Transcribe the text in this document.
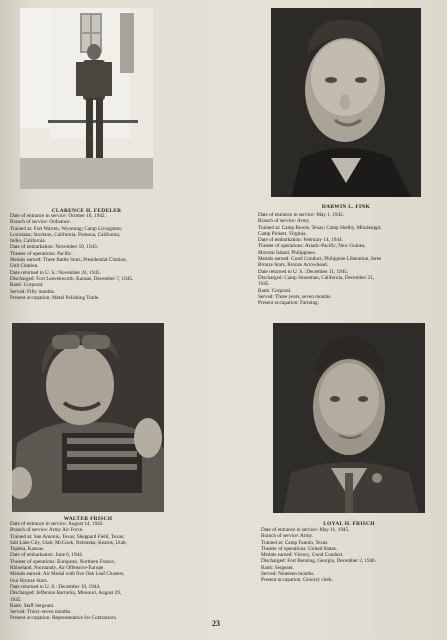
CLARENCE H. FEDELER
Date of entrance in service: October 10, 1942.
Branch of service: Ordnance.
Trained at: Fort Warren, Wyoming; Camp Livingston;
Louisiana; Stockton, California; Pomona, California;
Indio, California.
Date of embarkation: November 10, 1943.
Theater of operations: Pacific.
Medals earned: Three Battle Stars, Presidential Citation,
Unit Citation.
Date returned to U. S.: November 24, 1945.
Discharged: Fort Leavenworth, Kansas, December 7, 1945.
Rank: Corporal.
Served: Fifty months.
Present occupation: Metal Polishing Trade.
DARWIN L. FINK
Date of entrance in service: May 1, 1942.
Branch of service: Army.
Trained at: Camp Bowie, Texas; Camp Shelby, Mississippi;
Camp Pickett, Virginia.
Date of embarkation: February 14, 1944.
Theater of operations: Asiatic-Pacific, New Guinea,
Morotai Island, Philippines.
Medals earned: Good Conduct, Philippine Liberation, three
Bronze Stars, Bronze Arrowhead.
Date returned to U. S.: December 11, 1945.
Discharged: Camp Stoneman, California, December 21,
1945.
Rank: Corporal.
Served: Three years, seven months.
Present occupation: Farming.
WALTER FRISCH
Date of entrance in service: August 14, 1942.
Branch of service: Army Air Force.
Trained at: San Antonio, Texas; Sheppard Field, Texas;
Salt Lake City, Utah; McCook, Nebraska; Kearns, Utah;
Topeka, Kansas.
Date of embarkation: June 6, 1944.
Theater of operations: European, Northern France,
Rhineland, Normandy, Air Offensive-Europe.
Medals earned: Air Medal with five Oak Leaf Clusters,
four Bronze Stars.
Date returned to U. S.: December 10, 1944.
Discharged: Jefferson Barracks, Missouri, August 29,
1945.
Rank: Staff Sergeant.
Served: Thirty-seven months.
Present occupation: Representative for Contractors.
LOYAL H. FRISCH
Date of entrance in service: May 11, 1945.
Branch of service: Army.
Trained at: Camp Fannin, Texas.
Theater of operations: United States.
Medals earned: Victory, Good Conduct.
Discharged: Fort Benning, Georgia, December 2, 1946.
Rank: Sergeant.
Served: Nineteen months.
Present occupation: Grocery clerk.
23
